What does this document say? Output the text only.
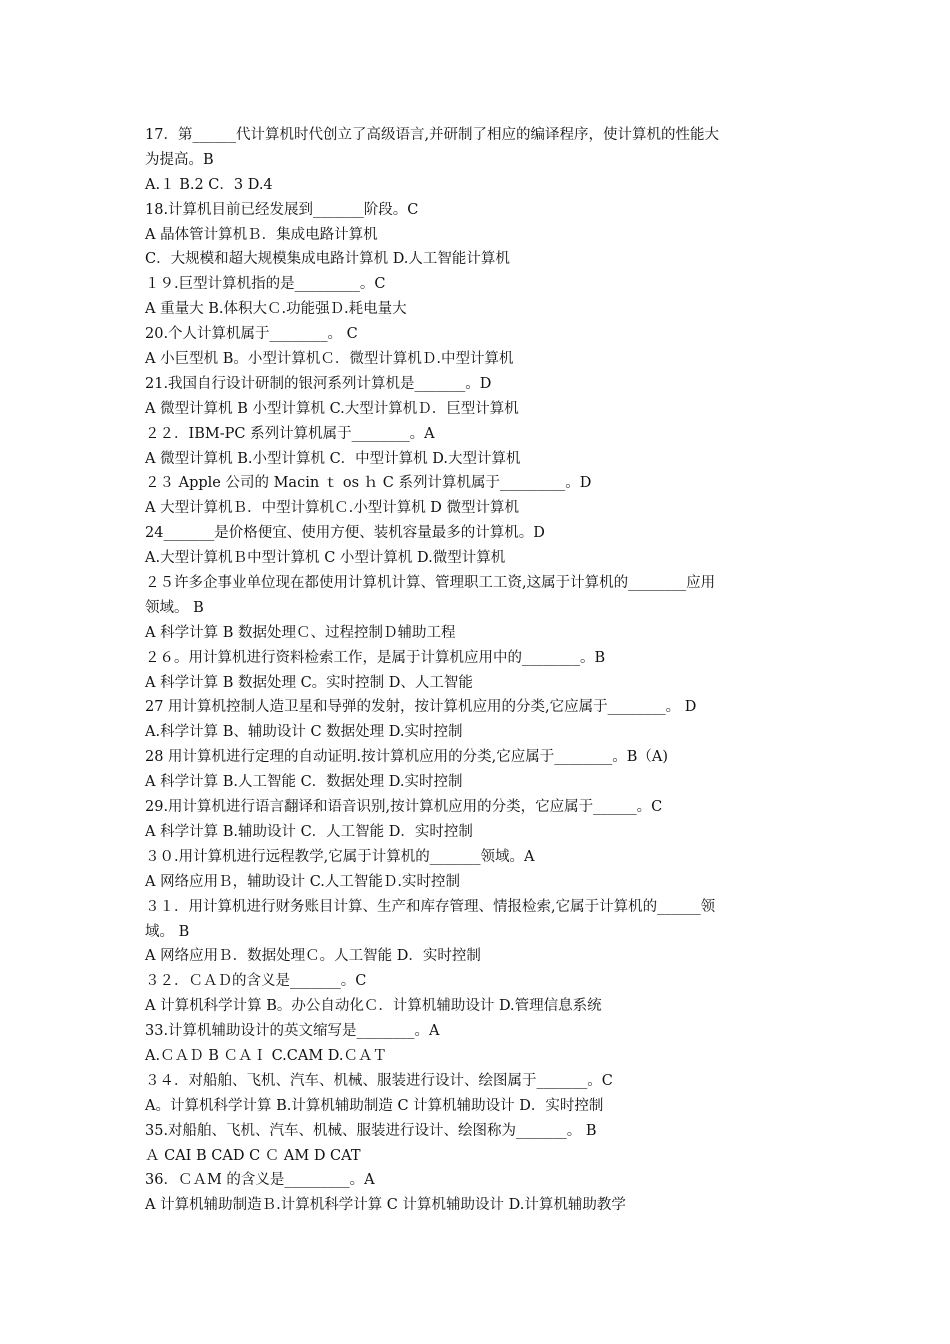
17．第______代计算机时代创立了高级语言,并研制了相应的编译程序，使计算机的性能大
为提高。B
A.１ B.2 C．3 D.4
18.计算机目前已经发展到_______阶段。C
A 晶体管计算机Ｂ．集成电路计算机
C．大规模和超大规模集成电路计算机 D.人工智能计算机
１９.巨型计算机指的是_________。C
A 重量大 B.体积大Ｃ.功能强Ｄ.耗电量大
20.个人计算机属于________。 C
A 小巨型机 B。小型计算机Ｃ．微型计算机Ｄ.中型计算机
21.我国自行设计研制的银河系列计算机是_______。D
A 微型计算机 B 小型计算机 C.大型计算机Ｄ．巨型计算机
２２．IBM-PC 系列计算机属于________。A
A 微型计算机 B.小型计算机 C．中型计算机 D.大型计算机
２３ Apple 公司的 Macin ｔ os ｈ C 系列计算机属于_________。D
A 大型计算机Ｂ．中型计算机Ｃ.小型计算机 D 微型计算机
24_______是价格便宜、使用方便、装机容量最多的计算机。D
A.大型计算机Ｂ中型计算机 C 小型计算机 D.微型计算机
２５许多企事业单位现在都使用计算机计算、管理职工工资,这属于计算机的________应用
领域。 B
A 科学计算 B 数据处理Ｃ、过程控制Ｄ辅助工程
２６。用计算机进行资料检索工作，是属于计算机应用中的________。B
A 科学计算 B 数据处理 C。实时控制 D、人工智能
27 用计算机控制人造卫星和导弹的发射，按计算机应用的分类,它应属于________。 D
A.科学计算 B、辅助设计 C 数据处理 D.实时控制
28 用计算机进行定理的自动证明.按计算机应用的分类,它应属于________。B（A)
A 科学计算 B.人工智能 C．数据处理 D.实时控制
29.用计算机进行语言翻译和语音识别,按计算机应用的分类，它应属于______。C
A 科学计算 B.辅助设计 C．人工智能 D．实时控制
３０.用计算机进行远程教学,它属于计算机的_______领域。A
A 网络应用Ｂ，辅助设计 C.人工智能Ｄ.实时控制
３１．用计算机进行财务账目计算、生产和库存管理、情报检索,它属于计算机的______领
域。 B
A 网络应用Ｂ．数据处理Ｃ。人工智能 D．实时控制
３２．ＣＡＤ的含义是_______。C
A 计算机科学计算 B。办公自动化Ｃ．计算机辅助设计 D.管理信息系统
33.计算机辅助设计的英文缩写是________。A
A.ＣＡＤ B ＣＡＩ C.CAM D.ＣＡＴ
３４．对船舶、飞机、汽车、机械、服装进行设计、绘图属于_______。C
A。计算机科学计算 B.计算机辅助制造 C 计算机辅助设计 D．实时控制
35.对船舶、飞机、汽车、机械、服装进行设计、绘图称为_______。 B
Ａ CAI B CAD C Ｃ AM D CAT
36．ＣＡM 的含义是_________。A
A 计算机辅助制造Ｂ.计算机科学计算 C 计算机辅助设计 D.计算机辅助教学
